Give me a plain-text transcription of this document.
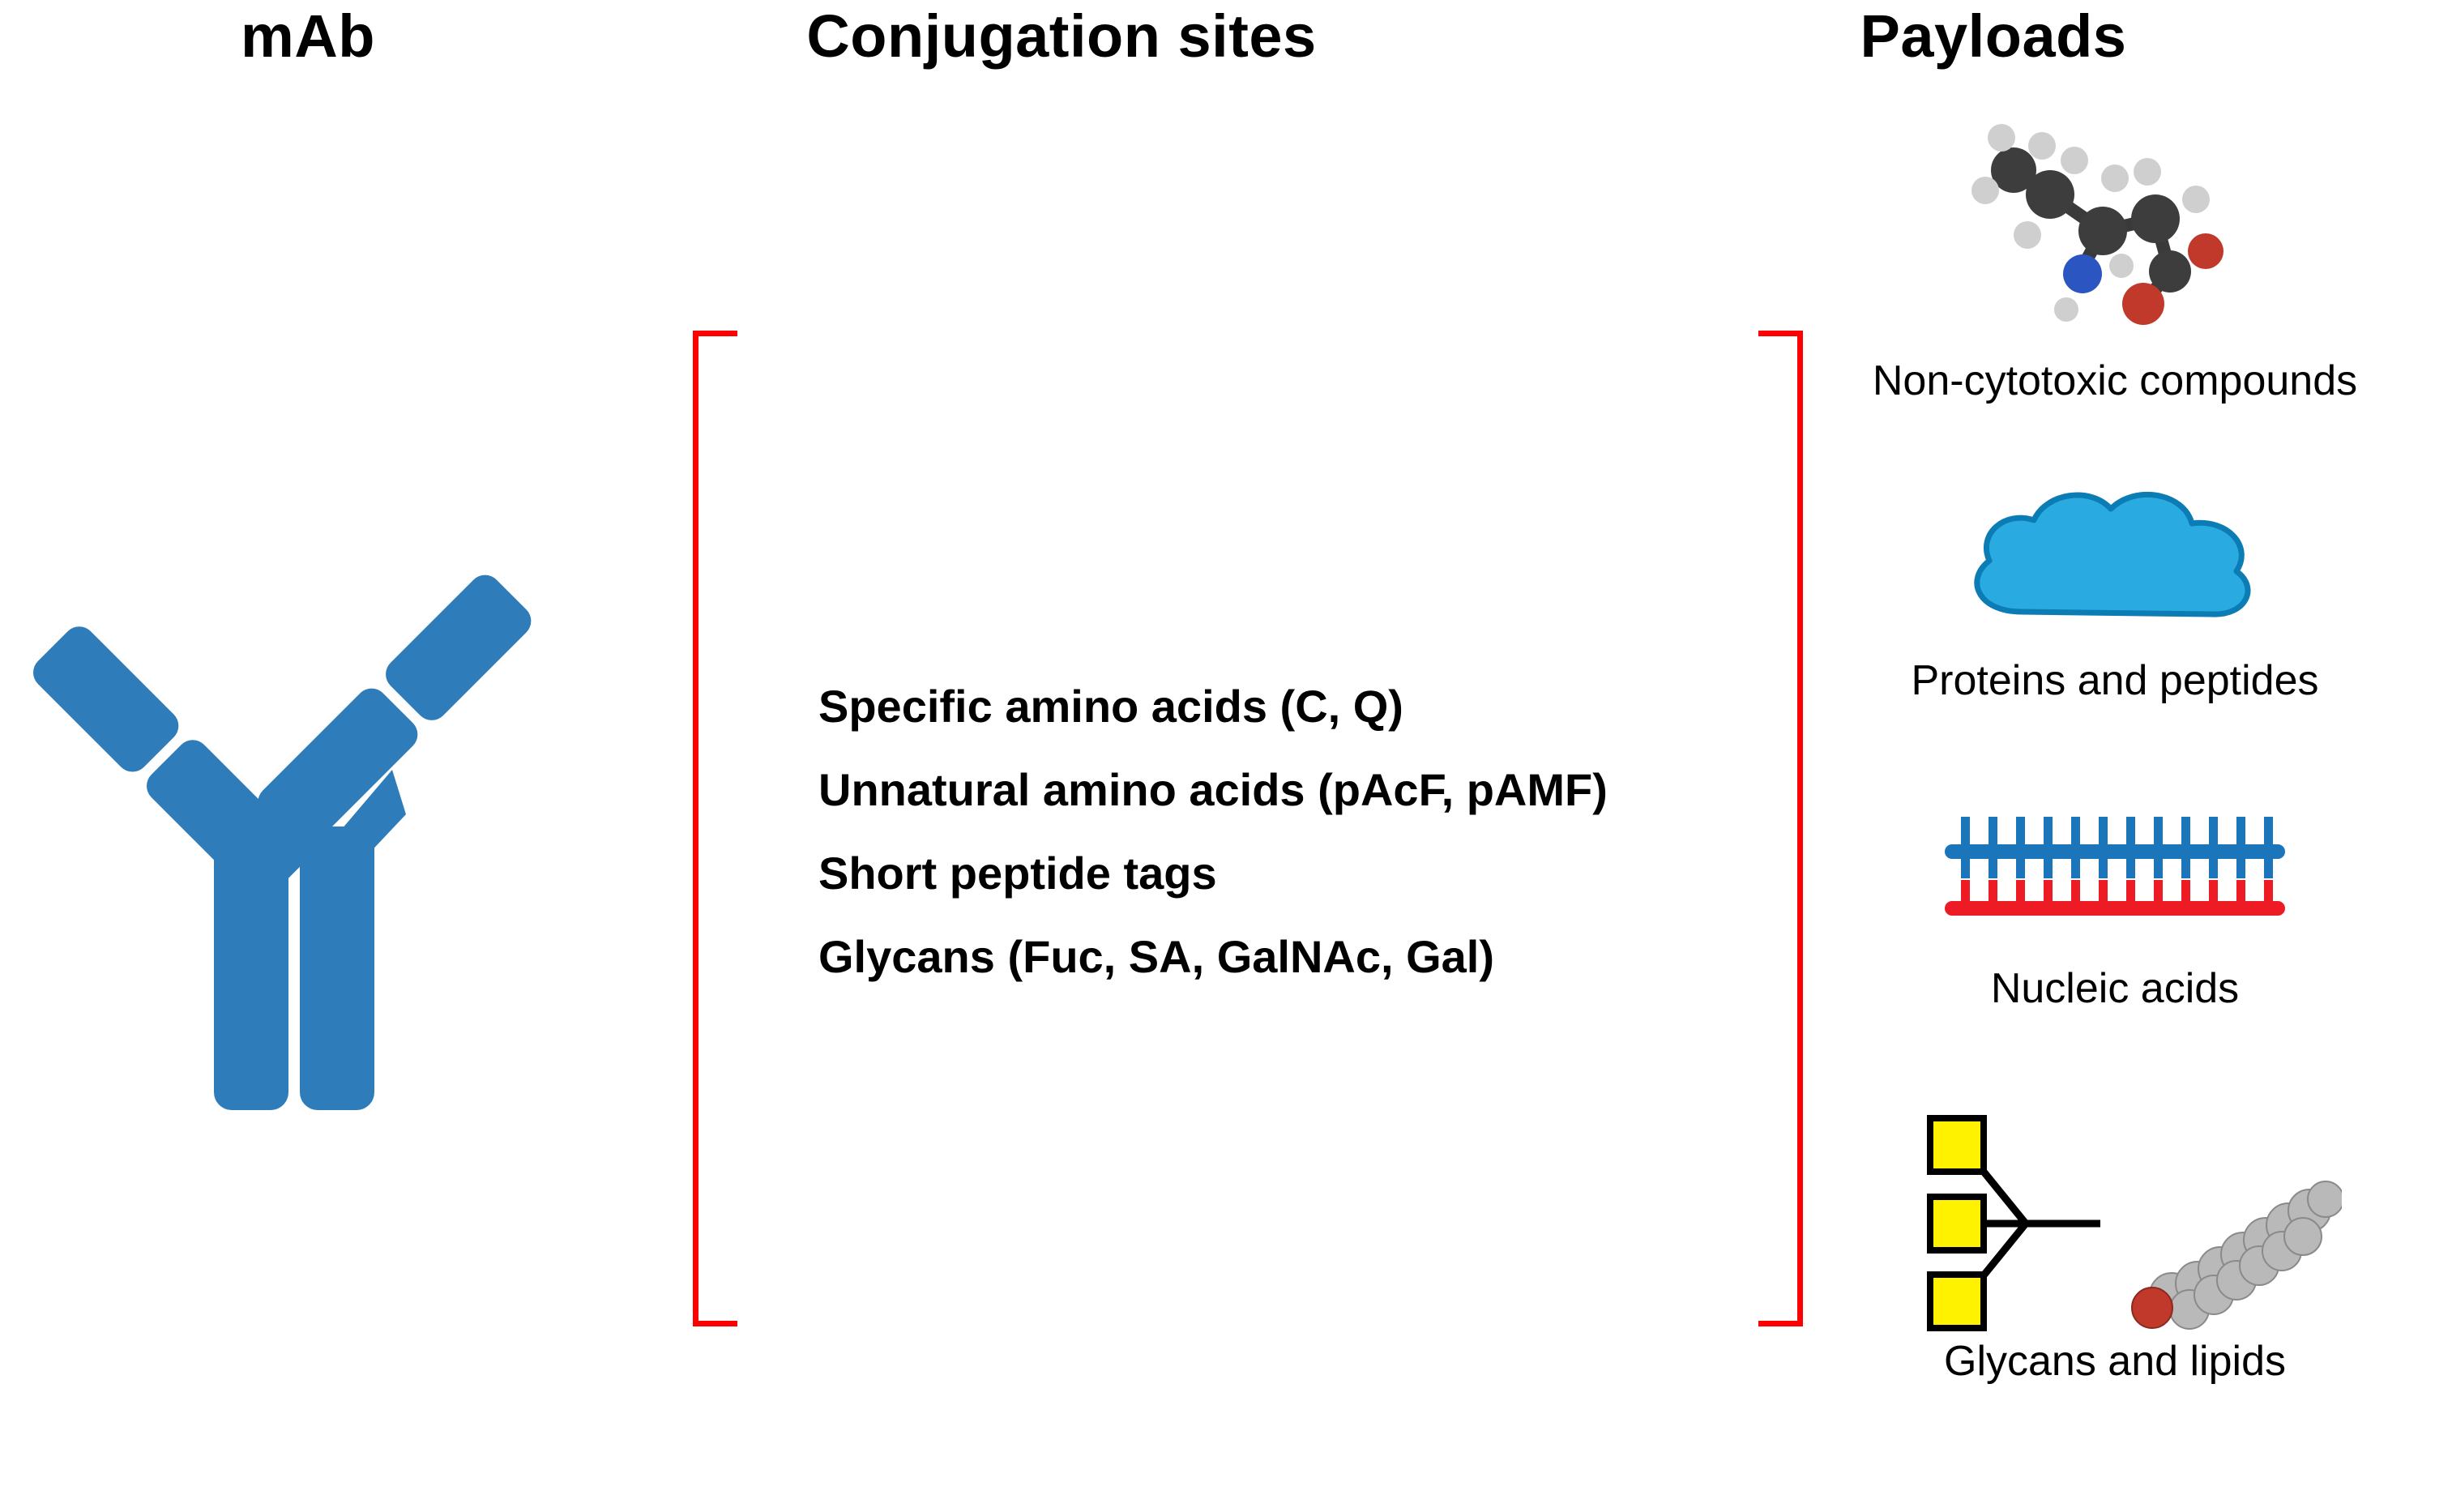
mAb	Conjugation sites	Payloads
Specific amino acids (C, Q)
Unnatural amino acids (pAcF, pAMF)
Short peptide tags
Glycans (Fuc, SA, GalNAc, Gal)
Non-cytotoxic compounds
Proteins and peptides
Nucleic acids
Glycans and lipids
